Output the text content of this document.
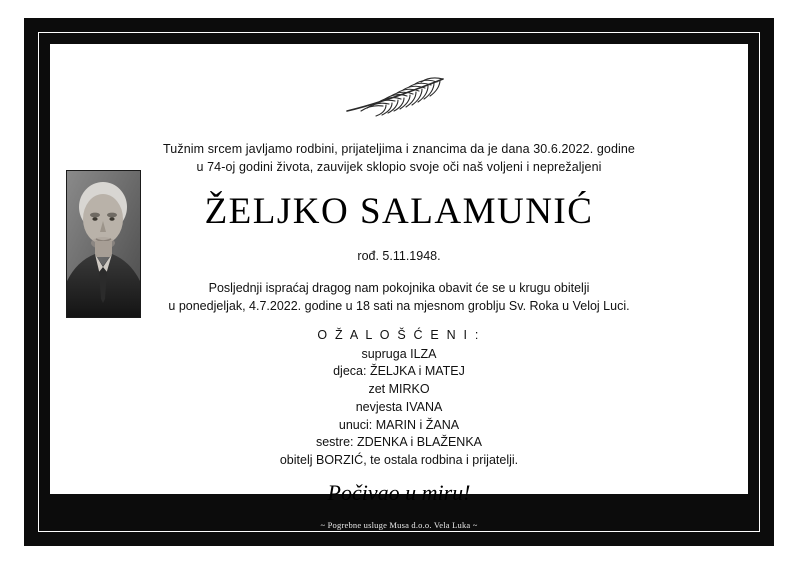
Tužnim srcem javljamo rodbini, prijateljima i znancima da je dana 30.6.2022. godine
u 74-oj godini života, zauvijek sklopio svoje oči naš voljeni i neprežaljeni
ŽELJKO SALAMUNIĆ
rođ. 5.11.1948.
Posljednji ispraćaj dragog nam pokojnika obavit će se u krugu obitelji
u ponedjeljak, 4.7.2022. godine u 18 sati na mjesnom groblju Sv. Roka u Veloj Luci.
O Ž A L O Š Ć E N I :
supruga ILZA
djeca: ŽELJKA i MATEJ
zet MIRKO
nevjesta IVANA
unuci: MARIN i ŽANA
sestre: ZDENKA i BLAŽENKA
obitelj BORZIĆ, te ostala rodbina i prijatelji.
Počivao u miru!
~ Pogrebne usluge Musa d.o.o. Vela Luka ~
